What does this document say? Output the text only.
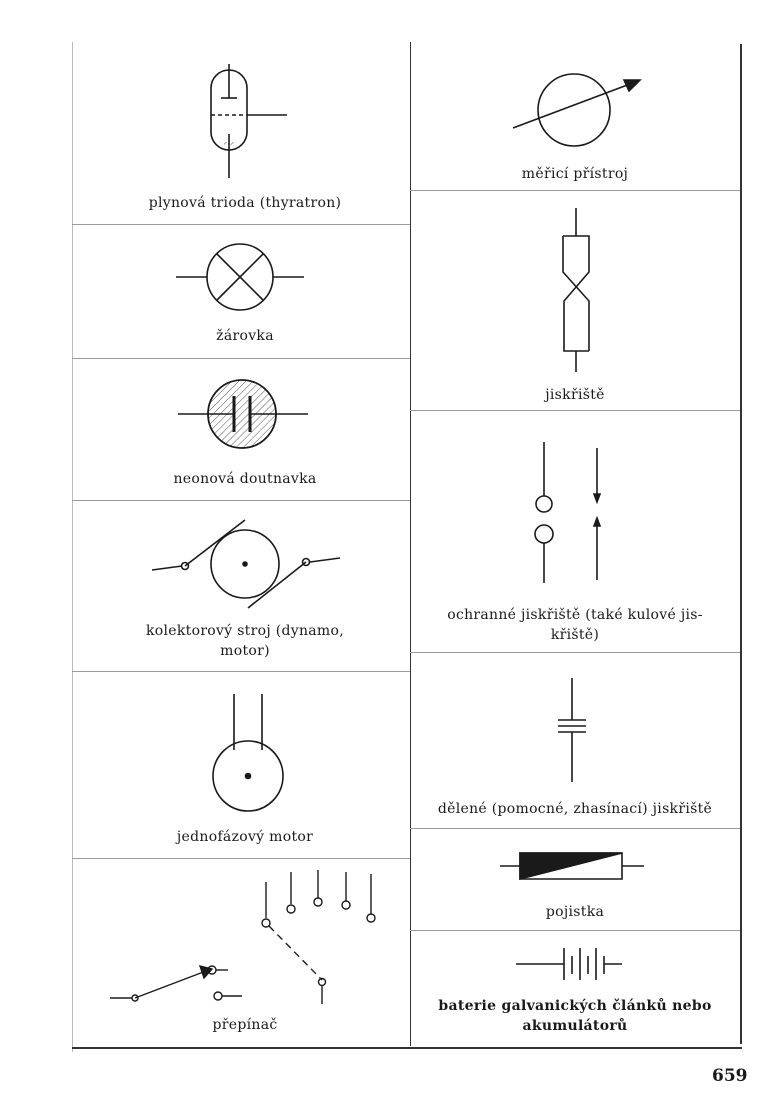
plynová trioda (thyratron)
žárovka
neonová doutnavka
kolektorový stroj (dynamo,
motor)
jednofázový motor
přepínač
měřicí přístroj
jiskřiště
ochranné jiskřiště (také kulové jis-
křiště)
dělené (pomocné, zhasínací) jiskřiště
pojistka
baterie galvanických článků nebo
akumulátorů
659
